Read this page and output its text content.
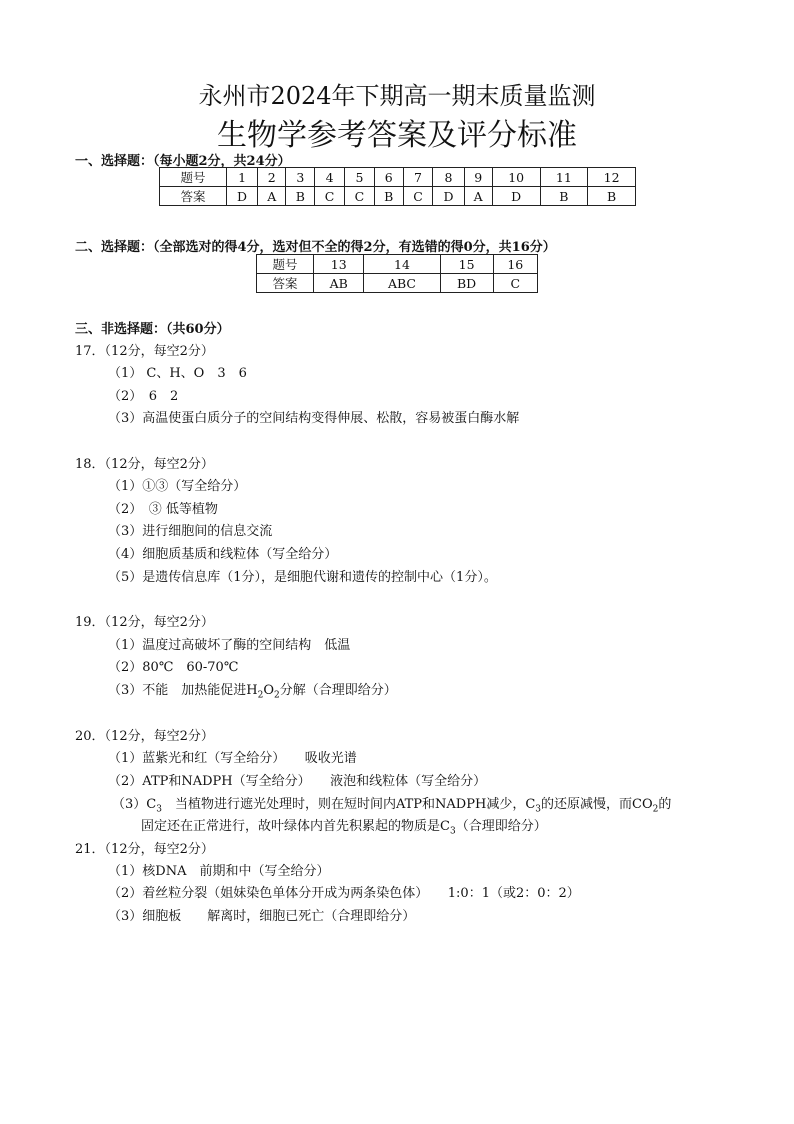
永州市2024年下期高一期末质量监测
生物学参考答案及评分标准
一、选择题：（每小题2分，共24分）
题号	1	2	3	4	5	6	7	8	9	10	11	12
答案	D	A	B	C	C	B	C	D	A	D	B	B
二、选择题：（全部选对的得4分，选对但不全的得2分，有选错的得0分，共16分）
题号	13	14	15	16
答案	AB	ABC	BD	C
三、非选择题：（共60分）
17．（12分，每空2分）
（1） C、H、O　3　6
（2）　6　2
（3）高温使蛋白质分子的空间结构变得伸展、松散，容易被蛋白酶水解
18．（12分，每空2分）
（1）①③（写全给分）
（2）　③ 低等植物
（3）进行细胞间的信息交流
（4）细胞质基质和线粒体（写全给分）
（5）是遗传信息库（1分），是细胞代谢和遗传的控制中心（1分）。
19．（12分，每空2分）
（1）温度过高破坏了酶的空间结构　低温
（2）80℃　60-70℃
（3）不能　加热能促进$H_2O_2$分解（合理即给分）
20．（12分，每空2分）
（1）蓝紫光和红（写全给分）　　吸收光谱
（2）ATP和NADPH（写全给分）　　液泡和线粒体（写全给分）
$(3)C_3$　当植物进行遮光处理时，则在短时间内ATP和NADPH减少，$C_3$的还原减慢，而$CO_2$的
固定还在正常进行，故叶绿体内首先积累起的物质是$C_3$（合理即给分）
21．（12分，每空2分）
（1）核DNA　前期和中（写全给分）
（2）着丝粒分裂（姐妹染色单体分开成为两条染色体）　　1:0：1（或2：0：2）
（3）细胞板　　解离时，细胞已死亡（合理即给分）
